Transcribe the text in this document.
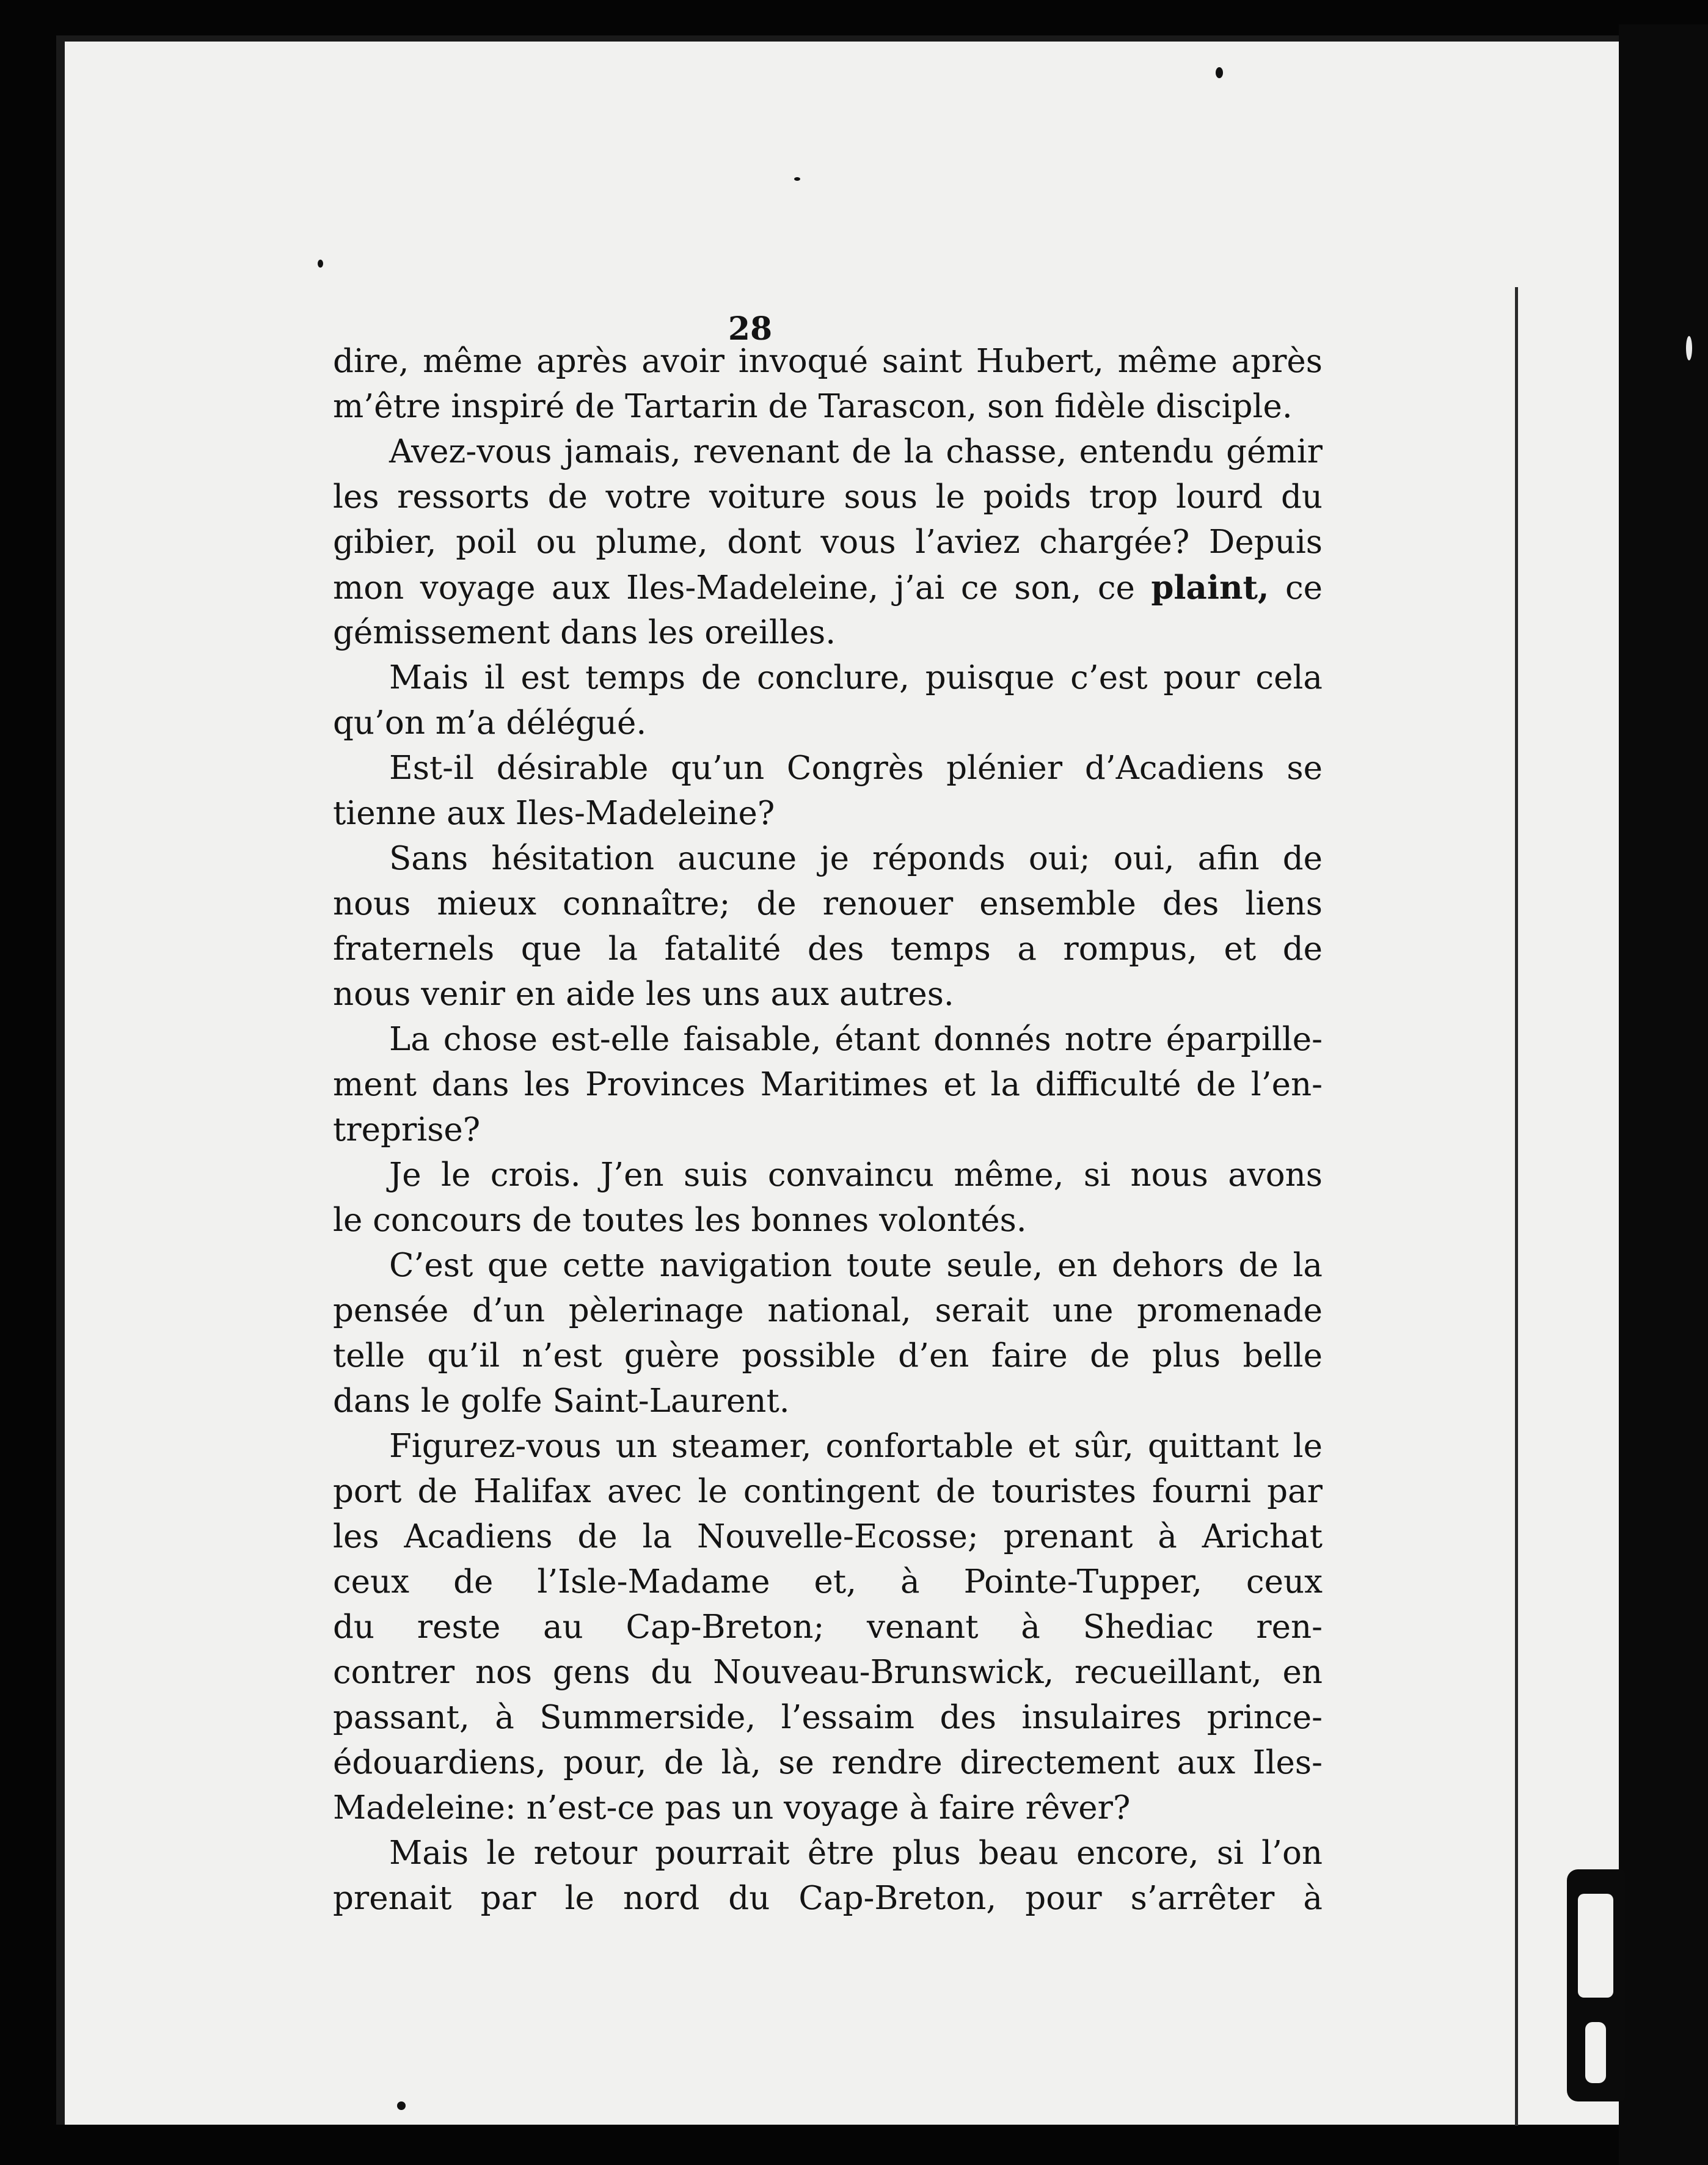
28
dire, même après avoir invoqué saint Hubert, même après
m’être inspiré de Tartarin de Tarascon, son fidèle disciple.
Avez-vous jamais, revenant de la chasse, entendu gémir
les ressorts de votre voiture sous le poids trop lourd du
gibier, poil ou plume, dont vous l’aviez chargée? Depuis
mon voyage aux Iles-Madeleine, j’ai ce son, ce plaint, ce
gémissement dans les oreilles.
Mais il est temps de conclure, puisque c’est pour cela
qu’on m’a délégué.
Est-il désirable qu’un Congrès plénier d’Acadiens se
tienne aux Iles-Madeleine?
Sans hésitation aucune je réponds oui; oui, afin de
nous mieux connaître; de renouer ensemble des liens
fraternels que la fatalité des temps a rompus, et de
nous venir en aide les uns aux autres.
La chose est-elle faisable, étant donnés notre éparpille-
ment dans les Provinces Maritimes et la difficulté de l’en-
treprise?
Je le crois. J’en suis convaincu même, si nous avons
le concours de toutes les bonnes volontés.
C’est que cette navigation toute seule, en dehors de la
pensée d’un pèlerinage national, serait une promenade
telle qu’il n’est guère possible d’en faire de plus belle
dans le golfe Saint-Laurent.
Figurez-vous un steamer, confortable et sûr, quittant le
port de Halifax avec le contingent de touristes fourni par
les Acadiens de la Nouvelle-Ecosse; prenant à Arichat
ceux de l’Isle-Madame et, à Pointe-Tupper, ceux
du reste au Cap-Breton; venant à Shediac ren-
contrer nos gens du Nouveau-Brunswick, recueillant, en
passant, à Summerside, l’essaim des insulaires prince-
édouardiens, pour, de là, se rendre directement aux Iles-
Madeleine: n’est-ce pas un voyage à faire rêver?
Mais le retour pourrait être plus beau encore, si l’on
prenait par le nord du Cap-Breton, pour s’arrêter à
